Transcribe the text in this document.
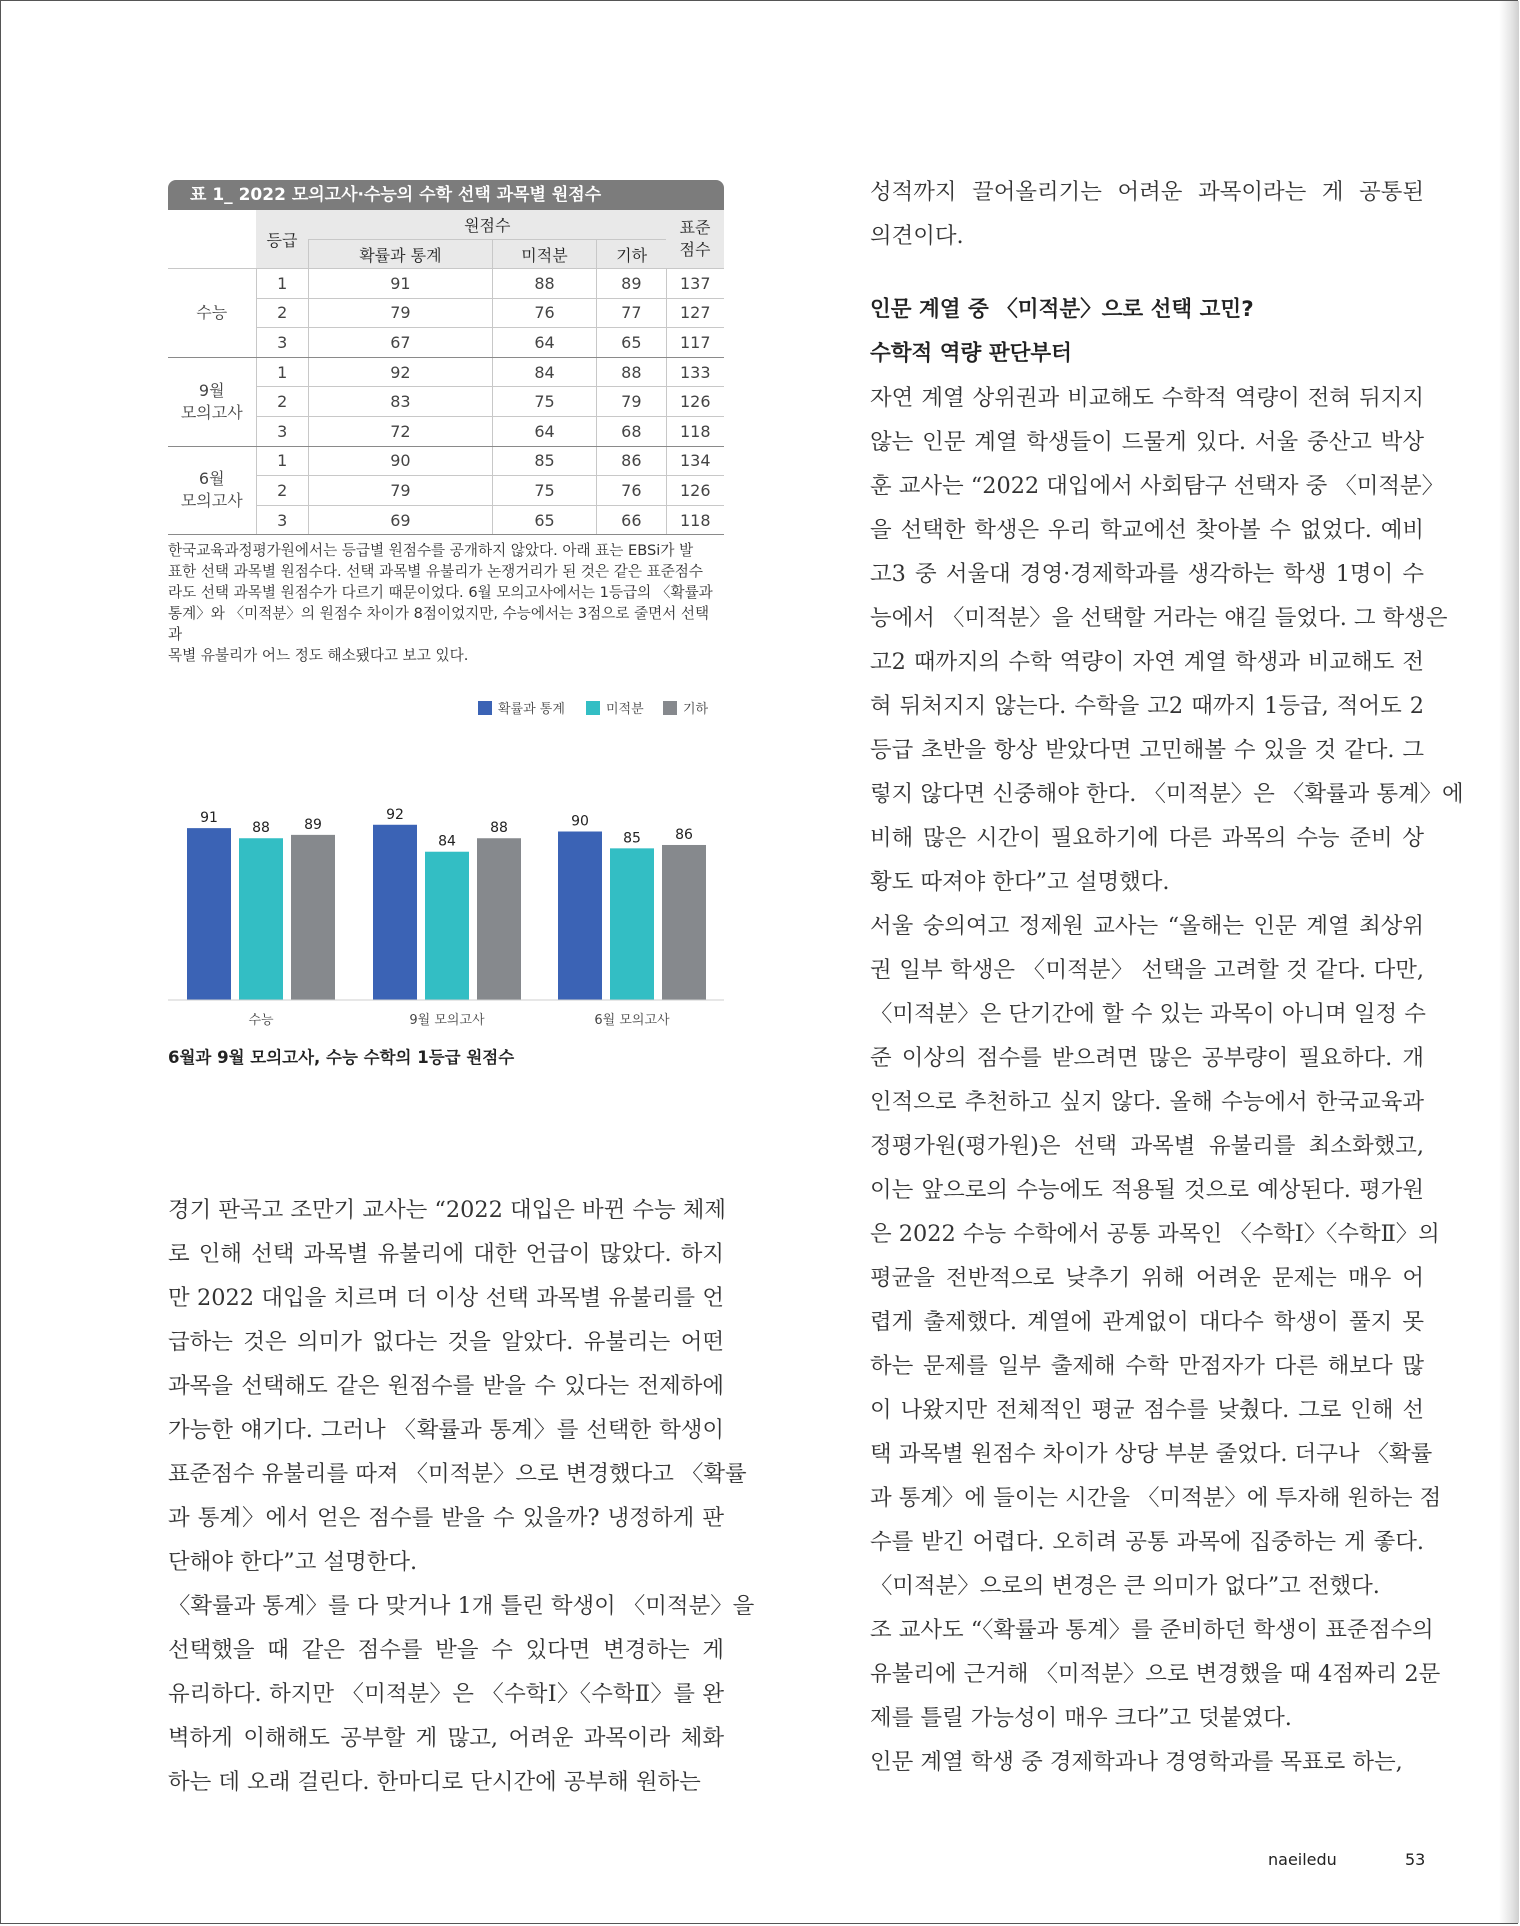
표 1_ 2022 모의고사·수능의 수학 선택 과목별 원점수
	등급	원점수			표준
점수
		확률과 통계	미적분	기하	
수능	1	91	88	89	137
	2	79	76	77	127
	3	67	64	65	117
9월
모의고사	1	92	84	88	133
	2	83	75	79	126
	3	72	64	68	118
6월
모의고사	1	90	85	86	134
	2	79	75	76	126
	3	69	65	66	118
한국교육과정평가원에서는 등급별 원점수를 공개하지 않았다. 아래 표는 EBSi가 발
표한 선택 과목별 원점수다. 선택 과목별 유불리가 논쟁거리가 된 것은 같은 표준점수
라도 선택 과목별 원점수가 다르기 때문이었다. 6월 모의고사에서는 1등급의 〈확률과
통계〉와 〈미적분〉의 원점수 차이가 8점이었지만, 수능에서는 3점으로 줄면서 선택 과
목별 유불리가 어느 정도 해소됐다고 보고 있다.
확률과 통계	미적분	기하
91
88 89
수능
92
84
88
9월 모의고사
90
85 86
6월 모의고사
6월과 9월 모의고사, 수능 수학의 1등급 원점수
경기 판곡고 조만기 교사는 “2022 대입은 바뀐 수능 체제
로 인해 선택 과목별 유불리에 대한 언급이 많았다. 하지
만 2022 대입을 치르며 더 이상 선택 과목별 유불리를 언
급하는 것은 의미가 없다는 것을 알았다. 유불리는 어떤
과목을 선택해도 같은 원점수를 받을 수 있다는 전제하에
가능한 얘기다. 그러나 〈확률과 통계〉를 선택한 학생이
표준점수 유불리를 따져 〈미적분〉으로 변경했다고 〈확률
과 통계〉에서 얻은 점수를 받을 수 있을까? 냉정하게 판
단해야 한다”고 설명한다.
〈확률과 통계〉를 다 맞거나 1개 틀린 학생이 〈미적분〉을
선택했을 때 같은 점수를 받을 수 있다면 변경하는 게
유리하다. 하지만 〈미적분〉은 〈수학Ⅰ〉〈수학Ⅱ〉를 완
벽하게 이해해도 공부할 게 많고, 어려운 과목이라 체화
하는 데 오래 걸린다. 한마디로 단시간에 공부해 원하는
성적까지 끌어올리기는 어려운 과목이라는 게 공통된
의견이다.
인문 계열 중 〈미적분〉으로 선택 고민?
수학적 역량 판단부터
자연 계열 상위권과 비교해도 수학적 역량이 전혀 뒤지지
않는 인문 계열 학생들이 드물게 있다. 서울 중산고 박상
훈 교사는 “2022 대입에서 사회탐구 선택자 중 〈미적분〉
을 선택한 학생은 우리 학교에선 찾아볼 수 없었다. 예비
고3 중 서울대 경영·경제학과를 생각하는 학생 1명이 수
능에서 〈미적분〉을 선택할 거라는 얘길 들었다. 그 학생은
고2 때까지의 수학 역량이 자연 계열 학생과 비교해도 전
혀 뒤처지지 않는다. 수학을 고2 때까지 1등급, 적어도 2
등급 초반을 항상 받았다면 고민해볼 수 있을 것 같다. 그
렇지 않다면 신중해야 한다. 〈미적분〉은 〈확률과 통계〉에
비해 많은 시간이 필요하기에 다른 과목의 수능 준비 상
황도 따져야 한다”고 설명했다.
서울 숭의여고 정제원 교사는 “올해는 인문 계열 최상위
권 일부 학생은 〈미적분〉 선택을 고려할 것 같다. 다만,
〈미적분〉은 단기간에 할 수 있는 과목이 아니며 일정 수
준 이상의 점수를 받으려면 많은 공부량이 필요하다. 개
인적으로 추천하고 싶지 않다. 올해 수능에서 한국교육과
정평가원(평가원)은 선택 과목별 유불리를 최소화했고,
이는 앞으로의 수능에도 적용될 것으로 예상된다. 평가원
은 2022 수능 수학에서 공통 과목인 〈수학Ⅰ〉〈수학Ⅱ〉의
평균을 전반적으로 낮추기 위해 어려운 문제는 매우 어
렵게 출제했다. 계열에 관계없이 대다수 학생이 풀지 못
하는 문제를 일부 출제해 수학 만점자가 다른 해보다 많
이 나왔지만 전체적인 평균 점수를 낮췄다. 그로 인해 선
택 과목별 원점수 차이가 상당 부분 줄었다. 더구나 〈확률
과 통계〉에 들이는 시간을 〈미적분〉에 투자해 원하는 점
수를 받긴 어렵다. 오히려 공통 과목에 집중하는 게 좋다.
〈미적분〉으로의 변경은 큰 의미가 없다”고 전했다.
조 교사도 “〈확률과 통계〉를 준비하던 학생이 표준점수의
유불리에 근거해 〈미적분〉으로 변경했을 때 4점짜리 2문
제를 틀릴 가능성이 매우 크다”고 덧붙였다.
인문 계열 학생 중 경제학과나 경영학과를 목표로 하는,
naeiledu	53
